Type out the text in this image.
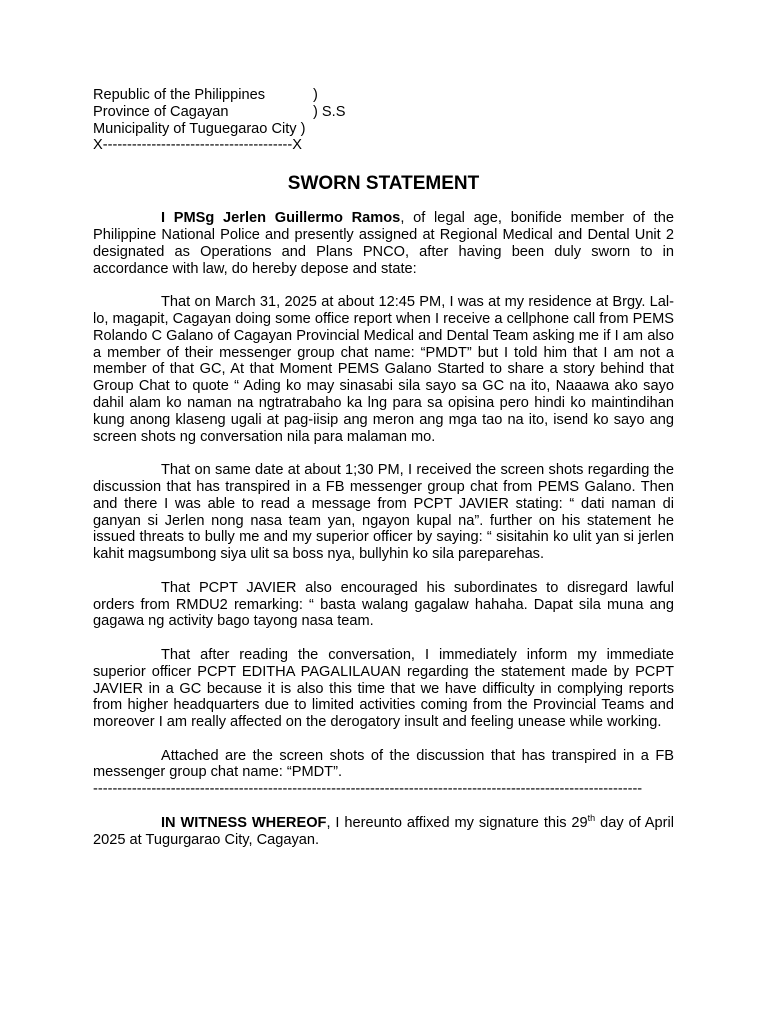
Republic of the Philippines	)
Province of Cagayan	) S.S
Municipality of Tuguegarao City )
X---------------------------------------X
SWORN STATEMENT

I PMSg Jerlen Guillermo Ramos, of legal age, bonifide member of the Philippine National Police and presently assigned at Regional Medical and Dental Unit 2 designated as Operations and Plans PNCO, after having been duly sworn to in accordance with law, do hereby depose and state:

That on March 31, 2025 at about 12:45 PM, I was at my residence at Brgy. Lal-lo, magapit, Cagayan doing some office report when I receive a cellphone call from PEMS Rolando C Galano of Cagayan Provincial Medical and Dental Team asking me if I am also a member of their messenger group chat name: “PMDT” but I told him that I am not a member of that GC, At that Moment PEMS Galano Started to share a story behind that Group Chat to quote “ Ading ko may sinasabi sila sayo sa GC na ito, Naaawa ako sayo dahil alam ko naman na ngtratrabaho ka lng para sa opisina pero hindi ko maintindihan kung anong klaseng ugali at pag-iisip ang meron ang mga tao na ito, isend ko sayo ang screen shots ng conversation nila para malaman mo.

That on same date at about 1;30 PM, I received the screen shots regarding the discussion that has transpired in a FB messenger group chat from PEMS Galano. Then and there I was able to read a message from PCPT JAVIER stating: “ dati naman di ganyan si Jerlen nong nasa team yan, ngayon kupal na”. further on his statement he issued threats to bully me and my superior officer by saying: “ sisitahin ko ulit yan si jerlen kahit magsumbong siya ulit sa boss nya, bullyhin ko sila pareparehas.

That PCPT JAVIER also encouraged his subordinates to disregard lawful orders from RMDU2 remarking: “ basta walang gagalaw hahaha. Dapat sila muna ang gagawa ng activity bago tayong nasa team.

That after reading the conversation, I immediately inform my immediate superior officer PCPT EDITHA PAGALILAUAN regarding the statement made by PCPT JAVIER in a GC because it is also this time that we have difficulty in complying reports from higher headquarters due to limited activities coming from the Provincial Teams and moreover I am really affected on the derogatory insult and feeling unease while working.

Attached are the screen shots of the discussion that has transpired in a FB messenger group chat name: “PMDT”.

-----------------------------------------------------------------------------------------------------------------

IN WITNESS WHEREOF, I hereunto affixed my signature this 29th day of April 2025 at Tugurgarao City, Cagayan.
